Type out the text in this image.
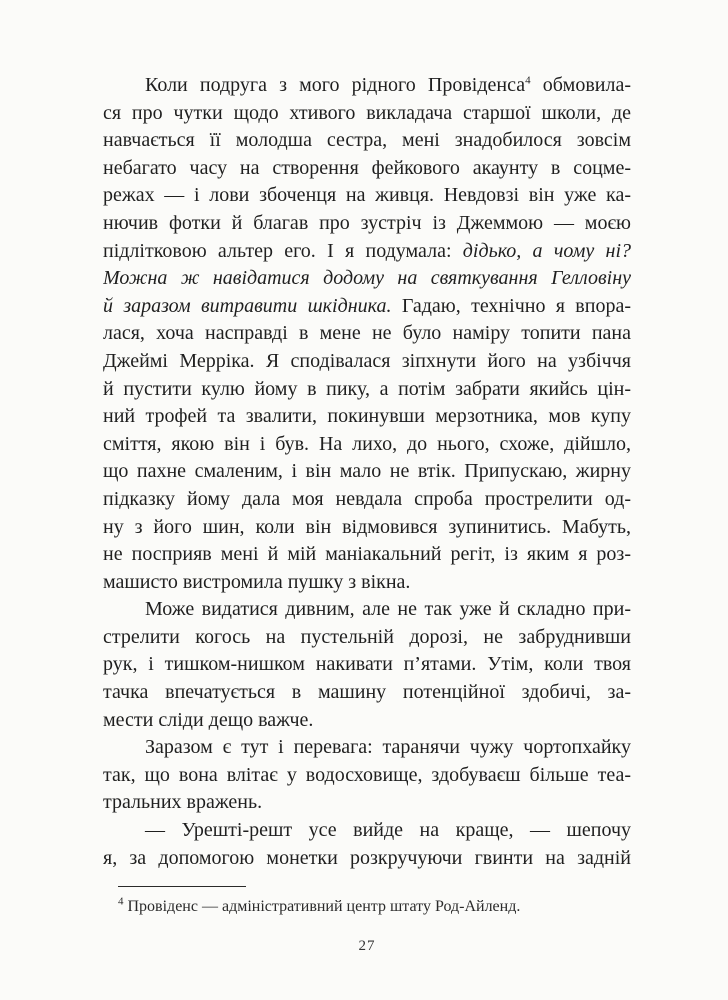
Коли подруга з мого рідного Провіденса$^4$ обмовила-
ся про чутки щодо хтивого викладача старшої школи, де
навчається її молодша сестра, мені знадобилося зовсім
небагато часу на створення фейкового акаунту в соцме-
режах — і лови збоченця на живця. Невдовзі він уже ка-
нючив фотки й благав про зустріч із Джеммою — моєю
підлітковою альтер его. І я подумала: дідько, а чому ні?
Можна ж навідатися додому на святкування Гелловіну
й заразом витравити шкідника. Гадаю, технічно я впора-
лася, хоча насправді в мене не було наміру топити пана
Джеймі Мерріка. Я сподівалася зіпхнути його на узбіччя
й пустити кулю йому в пику, а потім забрати якийсь цін-
ний трофей та звалити, покинувши мерзотника, мов купу
сміття, якою він і був. На лихо, до нього, схоже, дійшло,
що пахне смаленим, і він мало не втік. Припускаю, жирну
підказку йому дала моя невдала спроба прострелити од-
ну з його шин, коли він відмовився зупинитись. Мабуть,
не посприяв мені й мій маніакальний регіт, із яким я роз-
машисто вистромила пушку з вікна.
Може видатися дивним, але не так уже й складно при-
стрелити когось на пустельній дорозі, не забруднивши
рук, і тишком-нишком накивати п’ятами. Утім, коли твоя
тачка впечатується в машину потенційної здобичі, за-
мести сліди дещо важче.
Заразом є тут і перевага: таранячи чужу чортопхайку
так, що вона влітає у водосховище, здобуваєш більше теа-
тральних вражень.
— Урешті-решт усе вийде на краще, — шепочу
я, за допомогою монетки розкручуючи гвинти на задній
$^4$ Провіденс — адміністративний центр штату Род-Айленд.
27
